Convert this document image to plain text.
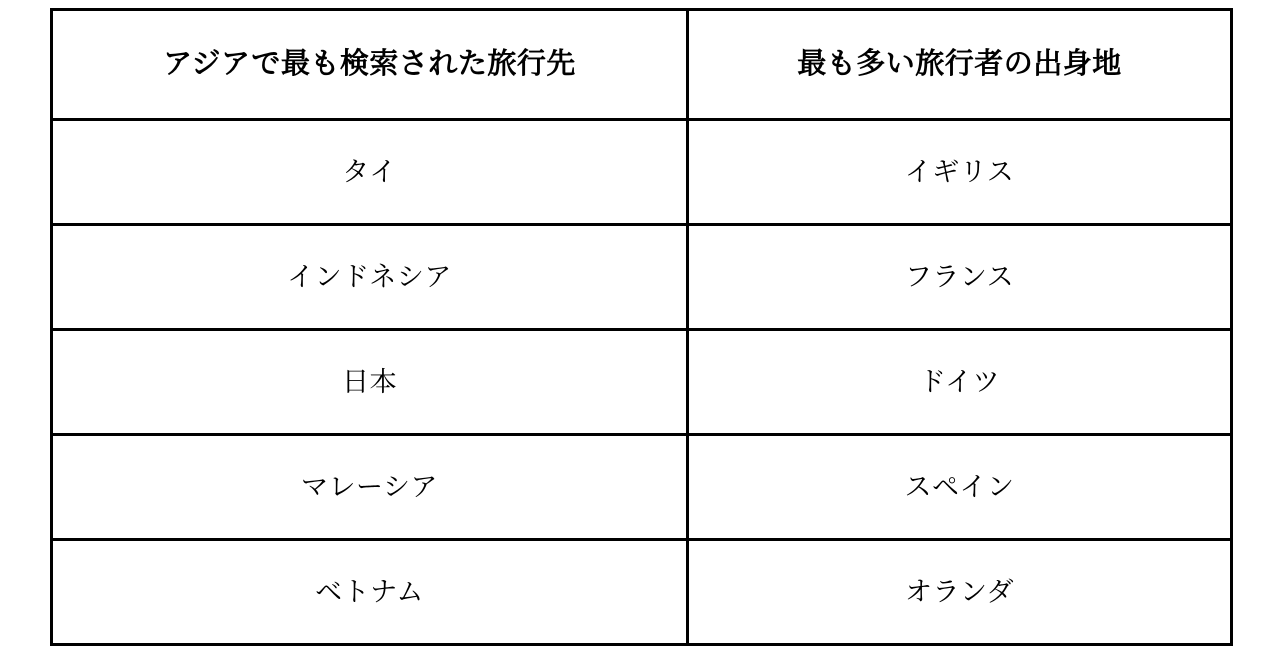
アジアで最も検索された旅行先	最も多い旅行者の出身地

タイ	イギリス

インドネシア	フランス

日本	ドイツ

マレーシア	スペイン

ベトナム	オランダ
